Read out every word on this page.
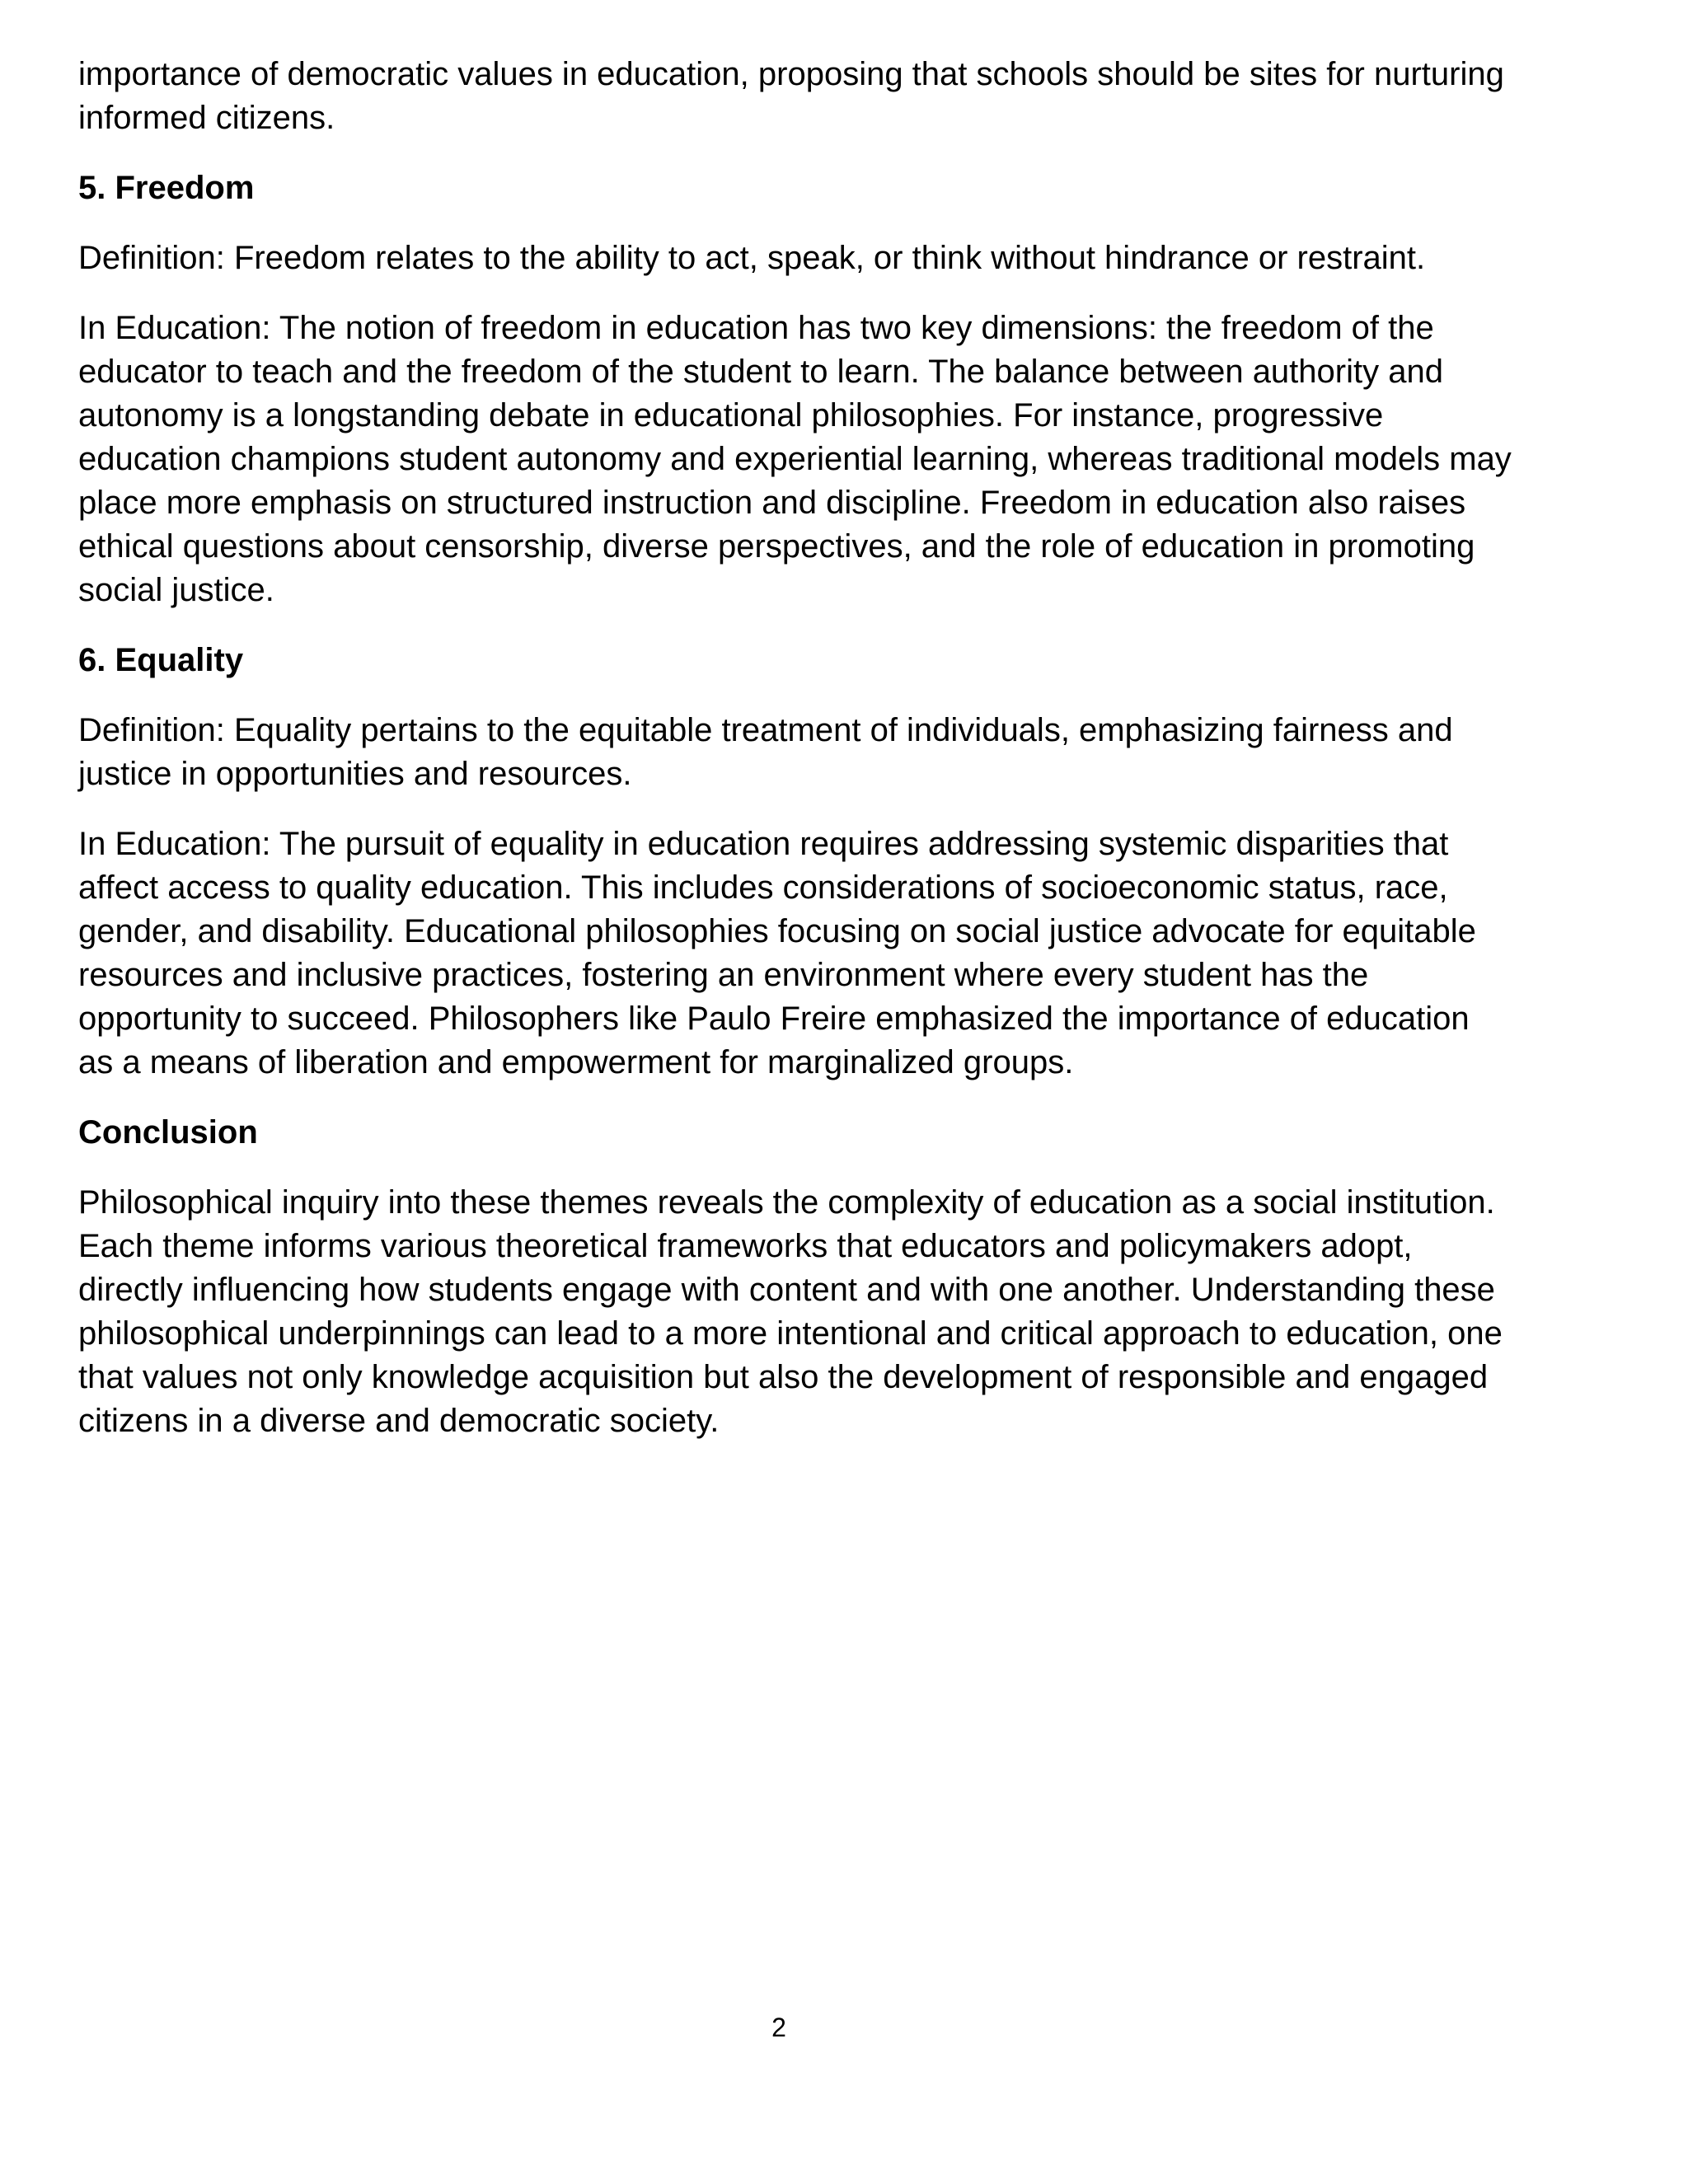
importance of democratic values in education, proposing that schools should be sites for nurturing informed citizens.

5. Freedom

Definition: Freedom relates to the ability to act, speak, or think without hindrance or restraint.

In Education: The notion of freedom in education has two key dimensions: the freedom of the educator to teach and the freedom of the student to learn. The balance between authority and autonomy is a longstanding debate in educational philosophies. For instance, progressive education champions student autonomy and experiential learning, whereas traditional models may place more emphasis on structured instruction and discipline. Freedom in education also raises ethical questions about censorship, diverse perspectives, and the role of education in promoting social justice.

6. Equality

Definition: Equality pertains to the equitable treatment of individuals, emphasizing fairness and justice in opportunities and resources.

In Education: The pursuit of equality in education requires addressing systemic disparities that affect access to quality education. This includes considerations of socioeconomic status, race, gender, and disability. Educational philosophies focusing on social justice advocate for equitable resources and inclusive practices, fostering an environment where every student has the opportunity to succeed. Philosophers like Paulo Freire emphasized the importance of education as a means of liberation and empowerment for marginalized groups.

Conclusion

Philosophical inquiry into these themes reveals the complexity of education as a social institution. Each theme informs various theoretical frameworks that educators and policymakers adopt, directly influencing how students engage with content and with one another. Understanding these philosophical underpinnings can lead to a more intentional and critical approach to education, one that values not only knowledge acquisition but also the development of responsible and engaged citizens in a diverse and democratic society.

2
